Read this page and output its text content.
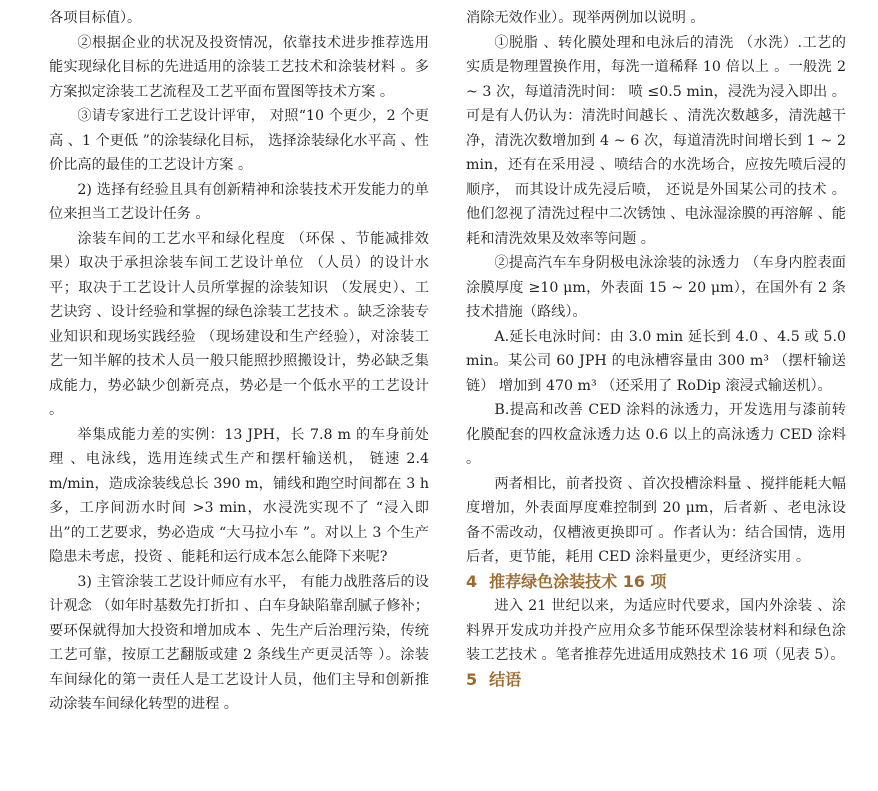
各项目标值）。

②根据企业的状况及投资情况，依靠技术进步推荐选用能实现绿化目标的先进适用的涂装工艺技术和涂装材料 。多方案拟定涂装工艺流程及工艺平面布置图等技术方案 。

③请专家进行工艺设计评审， 对照“10 个更少，2 个更高 、1 个更低 ”的涂装绿化目标， 选择涂装绿化水平高 、性价比高的最佳的工艺设计方案 。

2) 选择有经验且具有创新精神和涂装技术开发能力的单位来担当工艺设计任务 。

涂装车间的工艺水平和绿化程度 （环保 、节能减排效果）取决于承担涂装车间工艺设计单位 （人员）的设计水平；取决于工艺设计人员所掌握的涂装知识 （发展史）、工艺诀窍 、设计经验和掌握的绿色涂装工艺技术 。缺乏涂装专业知识和现场实践经验 （现场建设和生产经验），对涂装工艺一知半解的技术人员一般只能照抄照搬设计，势必缺乏集成能力，势必缺少创新亮点，势必是一个低水平的工艺设计 。

举集成能力差的实例：13 JPH，长 7.8 m 的车身前处理 、电泳线，选用连续式生产和摆杆输送机， 链速 2.4 m/min，造成涂装线总长 390 m，铺线和跑空时间都在 3 h 多，工序间沥水时间 >3 min，水浸洗实现不了 “浸入即出”的工艺要求，势必造成 “大马拉小车 ”。对以上 3 个生产隐患未考虑，投资 、能耗和运行成本怎么能降下来呢?

3) 主管涂装工艺设计师应有水平， 有能力战胜落后的设计观念 （如年时基数先打折扣 、白车身缺陷靠刮腻子修补；要环保就得加大投资和增加成本 、先生产后治理污染，传统工艺可靠，按原工艺翻版或建 2 条线生产更灵活等 ）。涂装车间绿化的第一责任人是工艺设计人员，他们主导和创新推动涂装车间绿化转型的进程 。

消除无效作业）。现举两例加以说明 。

①脱脂 、转化膜处理和电泳后的清洗 （水洗）.工艺的实质是物理置换作用，每洗一道稀释 10 倍以上 。一般洗 2 ~ 3 次，每道清洗时间： 喷 ≤0.5 min，浸洗为浸入即出 。可是有人仍认为：清洗时间越长 、清洗次数越多，清洗越干净，清洗次数增加到 4 ~ 6 次，每道清洗时间增长到 1 ~ 2 min，还有在采用浸 、喷结合的水洗场合，应按先喷后浸的顺序， 而其设计成先浸后喷， 还说是外国某公司的技术 。他们忽视了清洗过程中二次锈蚀 、电泳湿涂膜的再溶解 、能耗和清洗效果及效率等问题 。

②提高汽车车身阴极电泳涂装的泳透力 （车身内腔表面涂膜厚度 ≥10 μm，外表面 15 ~ 20 μm），在国外有 2 条技术措施（路线）。

A.延长电泳时间：由 3.0 min 延长到 4.0 、4.5 或 5.0 min。某公司 60 JPH 的电泳槽容量由 300 m³ （摆杆输送链） 增加到 470 m³ （还采用了 RoDip 滚浸式输送机）。

B.提高和改善 CED 涂料的泳透力，开发选用与漆前转化膜配套的四枚盒泳透力达 0.6 以上的高泳透力 CED 涂料 。

两者相比，前者投资 、首次投槽涂料量 、搅拌能耗大幅度增加，外表面厚度难控制到 20 μm，后者新 、老电泳设备不需改动，仅槽液更换即可 。作者认为：结合国情，选用后者，更节能，耗用 CED 涂料量更少，更经济实用 。

4 推荐绿色涂装技术 16 项

进入 21 世纪以来，为适应时代要求，国内外涂装 、涂料界开发成功并投产应用众多节能环保型涂装材料和绿色涂装工艺技术 。笔者推荐先进适用成熟技术 16 项（见表 5）。

5 结语
